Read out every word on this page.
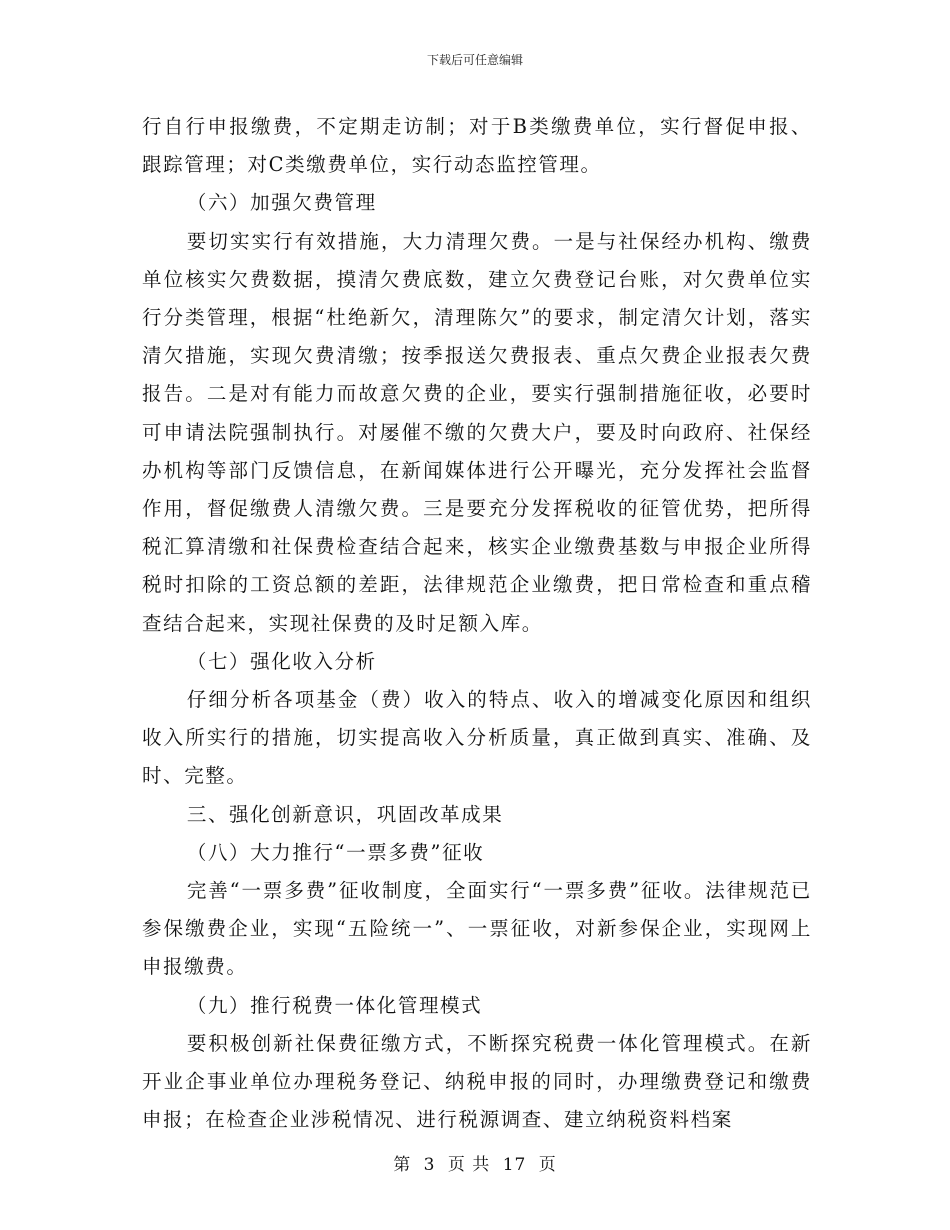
下载后可任意编辑

行自行申报缴费，不定期走访制；对于B类缴费单位，实行督促申报、跟踪管理；对C类缴费单位，实行动态监控管理。

（六）加强欠费管理

要切实实行有效措施，大力清理欠费。一是与社保经办机构、缴费单位核实欠费数据，摸清欠费底数，建立欠费登记台账，对欠费单位实行分类管理，根据“杜绝新欠，清理陈欠”的要求，制定清欠计划，落实清欠措施，实现欠费清缴；按季报送欠费报表、重点欠费企业报表欠费报告。二是对有能力而故意欠费的企业，要实行强制措施征收，必要时可申请法院强制执行。对屡催不缴的欠费大户，要及时向政府、社保经办机构等部门反馈信息，在新闻媒体进行公开曝光，充分发挥社会监督作用，督促缴费人清缴欠费。三是要充分发挥税收的征管优势，把所得税汇算清缴和社保费检查结合起来，核实企业缴费基数与申报企业所得税时扣除的工资总额的差距，法律规范企业缴费，把日常检查和重点稽查结合起来，实现社保费的及时足额入库。

（七）强化收入分析

仔细分析各项基金（费）收入的特点、收入的增减变化原因和组织收入所实行的措施，切实提高收入分析质量，真正做到真实、准确、及时、完整。

三、强化创新意识，巩固改革成果

（八）大力推行“一票多费”征收

完善“一票多费”征收制度，全面实行“一票多费”征收。法律规范已参保缴费企业，实现“五险统一”、一票征收，对新参保企业，实现网上申报缴费。

（九）推行税费一体化管理模式

要积极创新社保费征缴方式，不断探究税费一体化管理模式。在新开业企事业单位办理税务登记、纳税申报的同时，办理缴费登记和缴费申报；在检查企业涉税情况、进行税源调查、建立纳税资料档案

第 3 页 共 17 页
